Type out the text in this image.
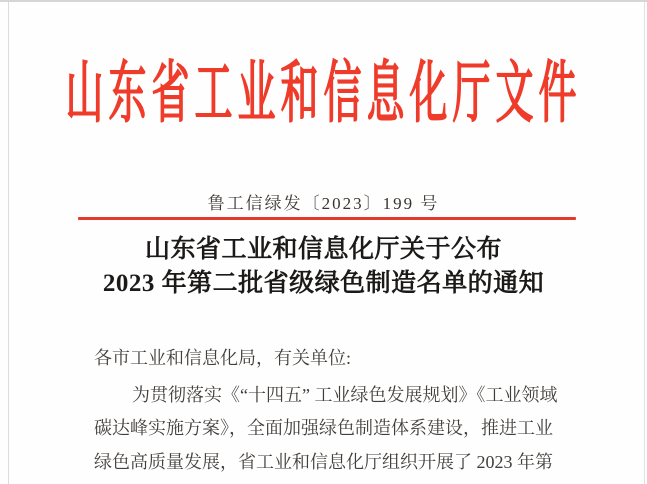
山东省工业和信息化厅文件
鲁工信绿发〔2023〕199 号
山东省工业和信息化厅关于公布
2023 年第二批省级绿色制造名单的通知
各市工业和信息化局，有关单位:
为贯彻落实《“十四五” 工业绿色发展规划》《工业领域
碳达峰实施方案》，全面加强绿色制造体系建设，推进工业
绿色高质量发展，省工业和信息化厅组织开展了 2023 年第
